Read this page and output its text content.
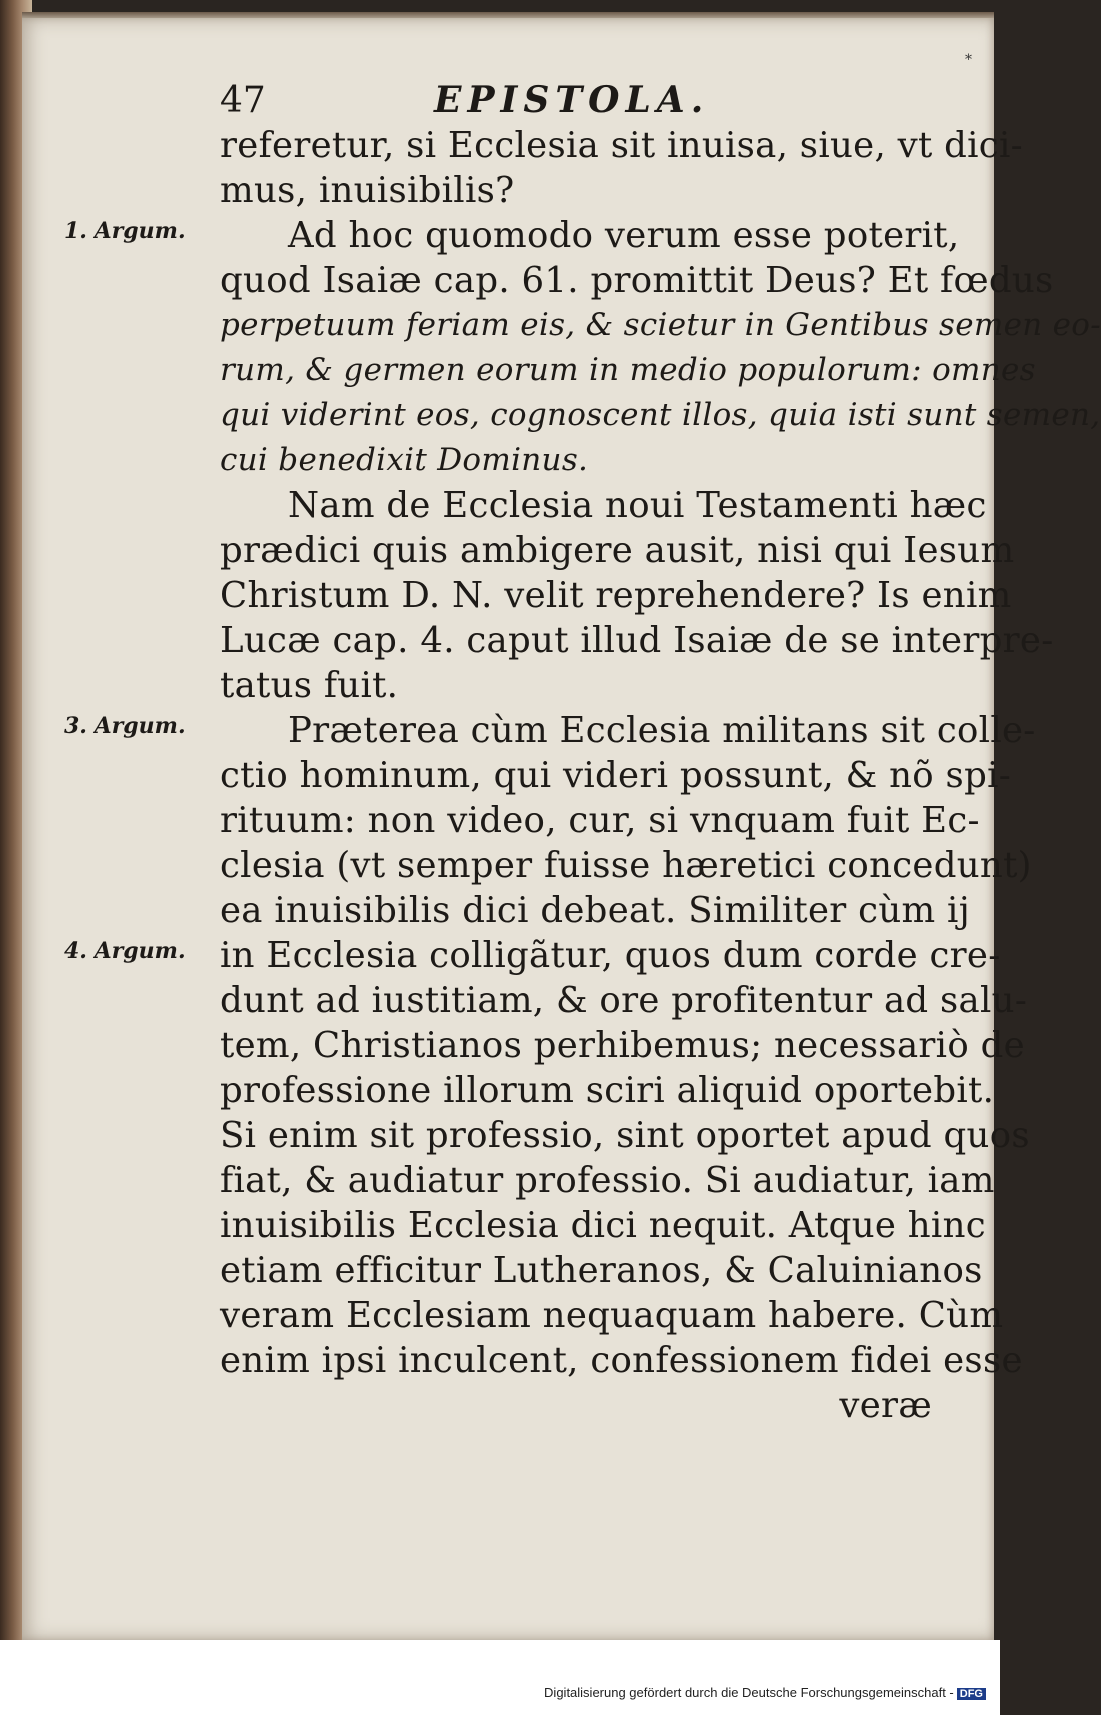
*
47	EPISTOLA.
referetur, si Ecclesia sit inuisa, siue, vt dici-
mus, inuisibilis?
Ad hoc quomodo verum esse poterit,
quod Isaiæ cap. 61. promittit Deus? Et fœdus
perpetuum feriam eis, & scietur in Gentibus semen eo-
rum, & germen eorum in medio populorum: omnes
qui viderint eos, cognoscent illos, quia isti sunt semen,
cui benedixit Dominus.
Nam de Ecclesia noui Testamenti hæc
prædici quis ambigere ausit, nisi qui Iesum
Christum D. N. velit reprehendere? Is enim
Lucæ cap. 4. caput illud Isaiæ de se interpre-
tatus fuit.
Præterea cùm Ecclesia militans sit colle-
ctio hominum, qui videri possunt, & nõ spi-
rituum: non video, cur, si vnquam fuit Ec-
clesia (vt semper fuisse hæretici concedunt)
ea inuisibilis dici debeat. Similiter cùm ij
in Ecclesia colligãtur, quos dum corde cre-
dunt ad iustitiam, & ore profitentur ad salu-
tem, Christianos perhibemus; necessariò de
professione illorum sciri aliquid oportebit.
Si enim sit professio, sint oportet apud quos
fiat, & audiatur professio. Si audiatur, iam
inuisibilis Ecclesia dici nequit. Atque hinc
etiam efficitur Lutheranos, & Caluinianos
veram Ecclesiam nequaquam habere. Cùm
enim ipsi inculcent, confessionem fidei esse
veræ
1. Argum.
3. Argum.
4. Argum.
Digitalisierung gefördert durch die Deutsche Forschungsgemeinschaft - DFG
